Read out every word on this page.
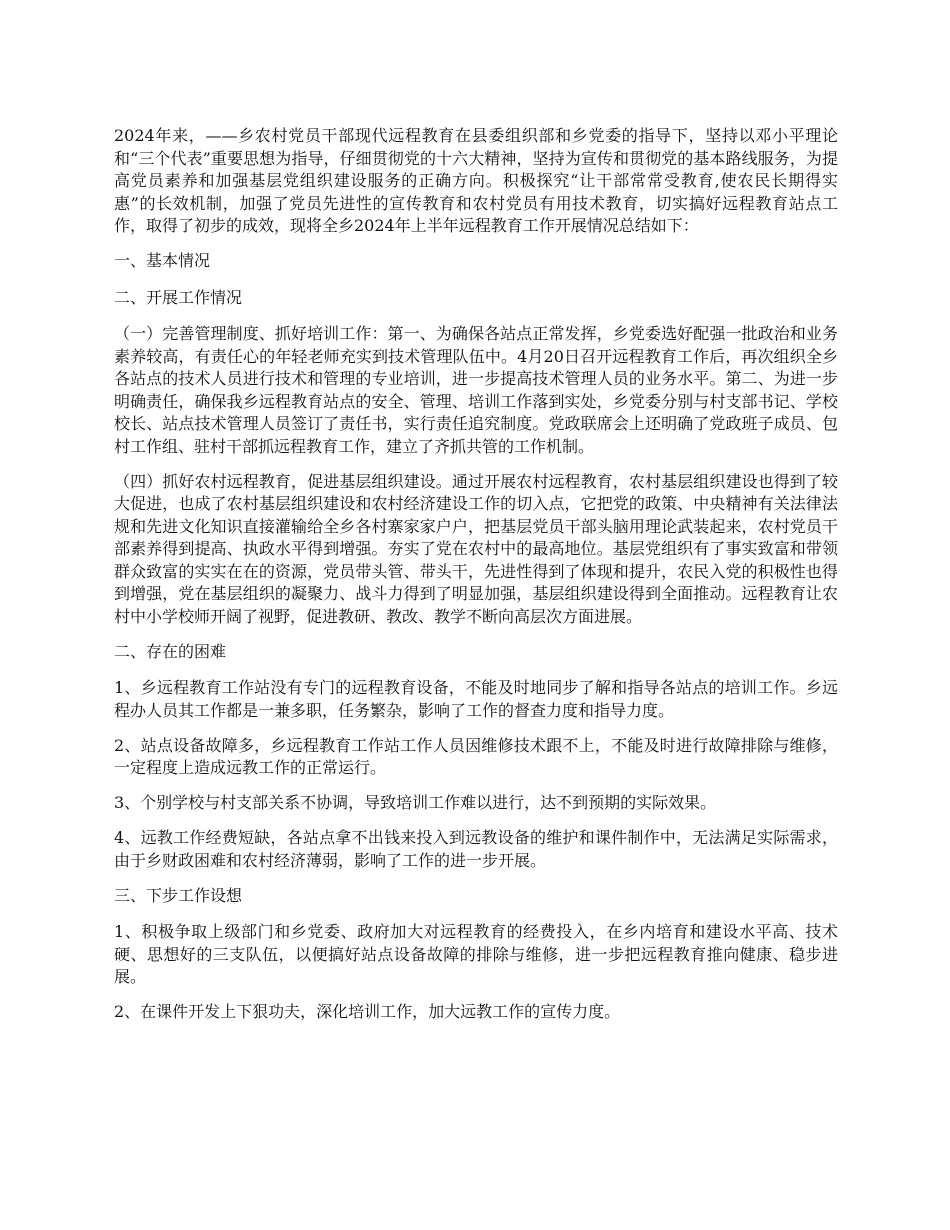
2024年来，——乡农村党员干部现代远程教育在县委组织部和乡党委的指导下，坚持以邓小平理论和“三个代表”重要思想为指导，仔细贯彻党的十六大精神，坚持为宣传和贯彻党的基本路线服务，为提高党员素养和加强基层党组织建设服务的正确方向。积极探究“让干部常常受教育,使农民长期得实惠”的长效机制，加强了党员先进性的宣传教育和农村党员有用技术教育，切实搞好远程教育站点工作，取得了初步的成效，现将全乡2024年上半年远程教育工作开展情况总结如下：

一、基本情况

二、开展工作情况

（一）完善管理制度、抓好培训工作：第一、为确保各站点正常发挥，乡党委选好配强一批政治和业务素养较高，有责任心的年轻老师充实到技术管理队伍中。4月20日召开远程教育工作后，再次组织全乡各站点的技术人员进行技术和管理的专业培训，进一步提高技术管理人员的业务水平。第二、为进一步明确责任，确保我乡远程教育站点的安全、管理、培训工作落到实处，乡党委分别与村支部书记、学校校长、站点技术管理人员签订了责任书，实行责任追究制度。党政联席会上还明确了党政班子成员、包村工作组、驻村干部抓远程教育工作，建立了齐抓共管的工作机制。

（四）抓好农村远程教育，促进基层组织建设。通过开展农村远程教育，农村基层组织建设也得到了较大促进，也成了农村基层组织建设和农村经济建设工作的切入点，它把党的政策、中央精神有关法律法规和先进文化知识直接灌输给全乡各村寨家家户户，把基层党员干部头脑用理论武装起来，农村党员干部素养得到提高、执政水平得到增强。夯实了党在农村中的最高地位。基层党组织有了事实致富和带领群众致富的实实在在的资源，党员带头管、带头干，先进性得到了体现和提升，农民入党的积极性也得到增强，党在基层组织的凝聚力、战斗力得到了明显加强，基层组织建设得到全面推动。远程教育让农村中小学校师开阔了视野，促进教研、教改、教学不断向高层次方面进展。

二、存在的困难

1、乡远程教育工作站没有专门的远程教育设备，不能及时地同步了解和指导各站点的培训工作。乡远程办人员其工作都是一兼多职，任务繁杂，影响了工作的督查力度和指导力度。

2、站点设备故障多，乡远程教育工作站工作人员因维修技术跟不上，不能及时进行故障排除与维修，一定程度上造成远教工作的正常运行。

3、个别学校与村支部关系不协调，导致培训工作难以进行，达不到预期的实际效果。

4、远教工作经费短缺，各站点拿不出钱来投入到远教设备的维护和课件制作中，无法满足实际需求，由于乡财政困难和农村经济薄弱，影响了工作的进一步开展。

三、下步工作设想

1、积极争取上级部门和乡党委、政府加大对远程教育的经费投入，在乡内培育和建设水平高、技术硬、思想好的三支队伍，以便搞好站点设备故障的排除与维修，进一步把远程教育推向健康、稳步进展。

2、在课件开发上下狠功夫，深化培训工作，加大远教工作的宣传力度。
